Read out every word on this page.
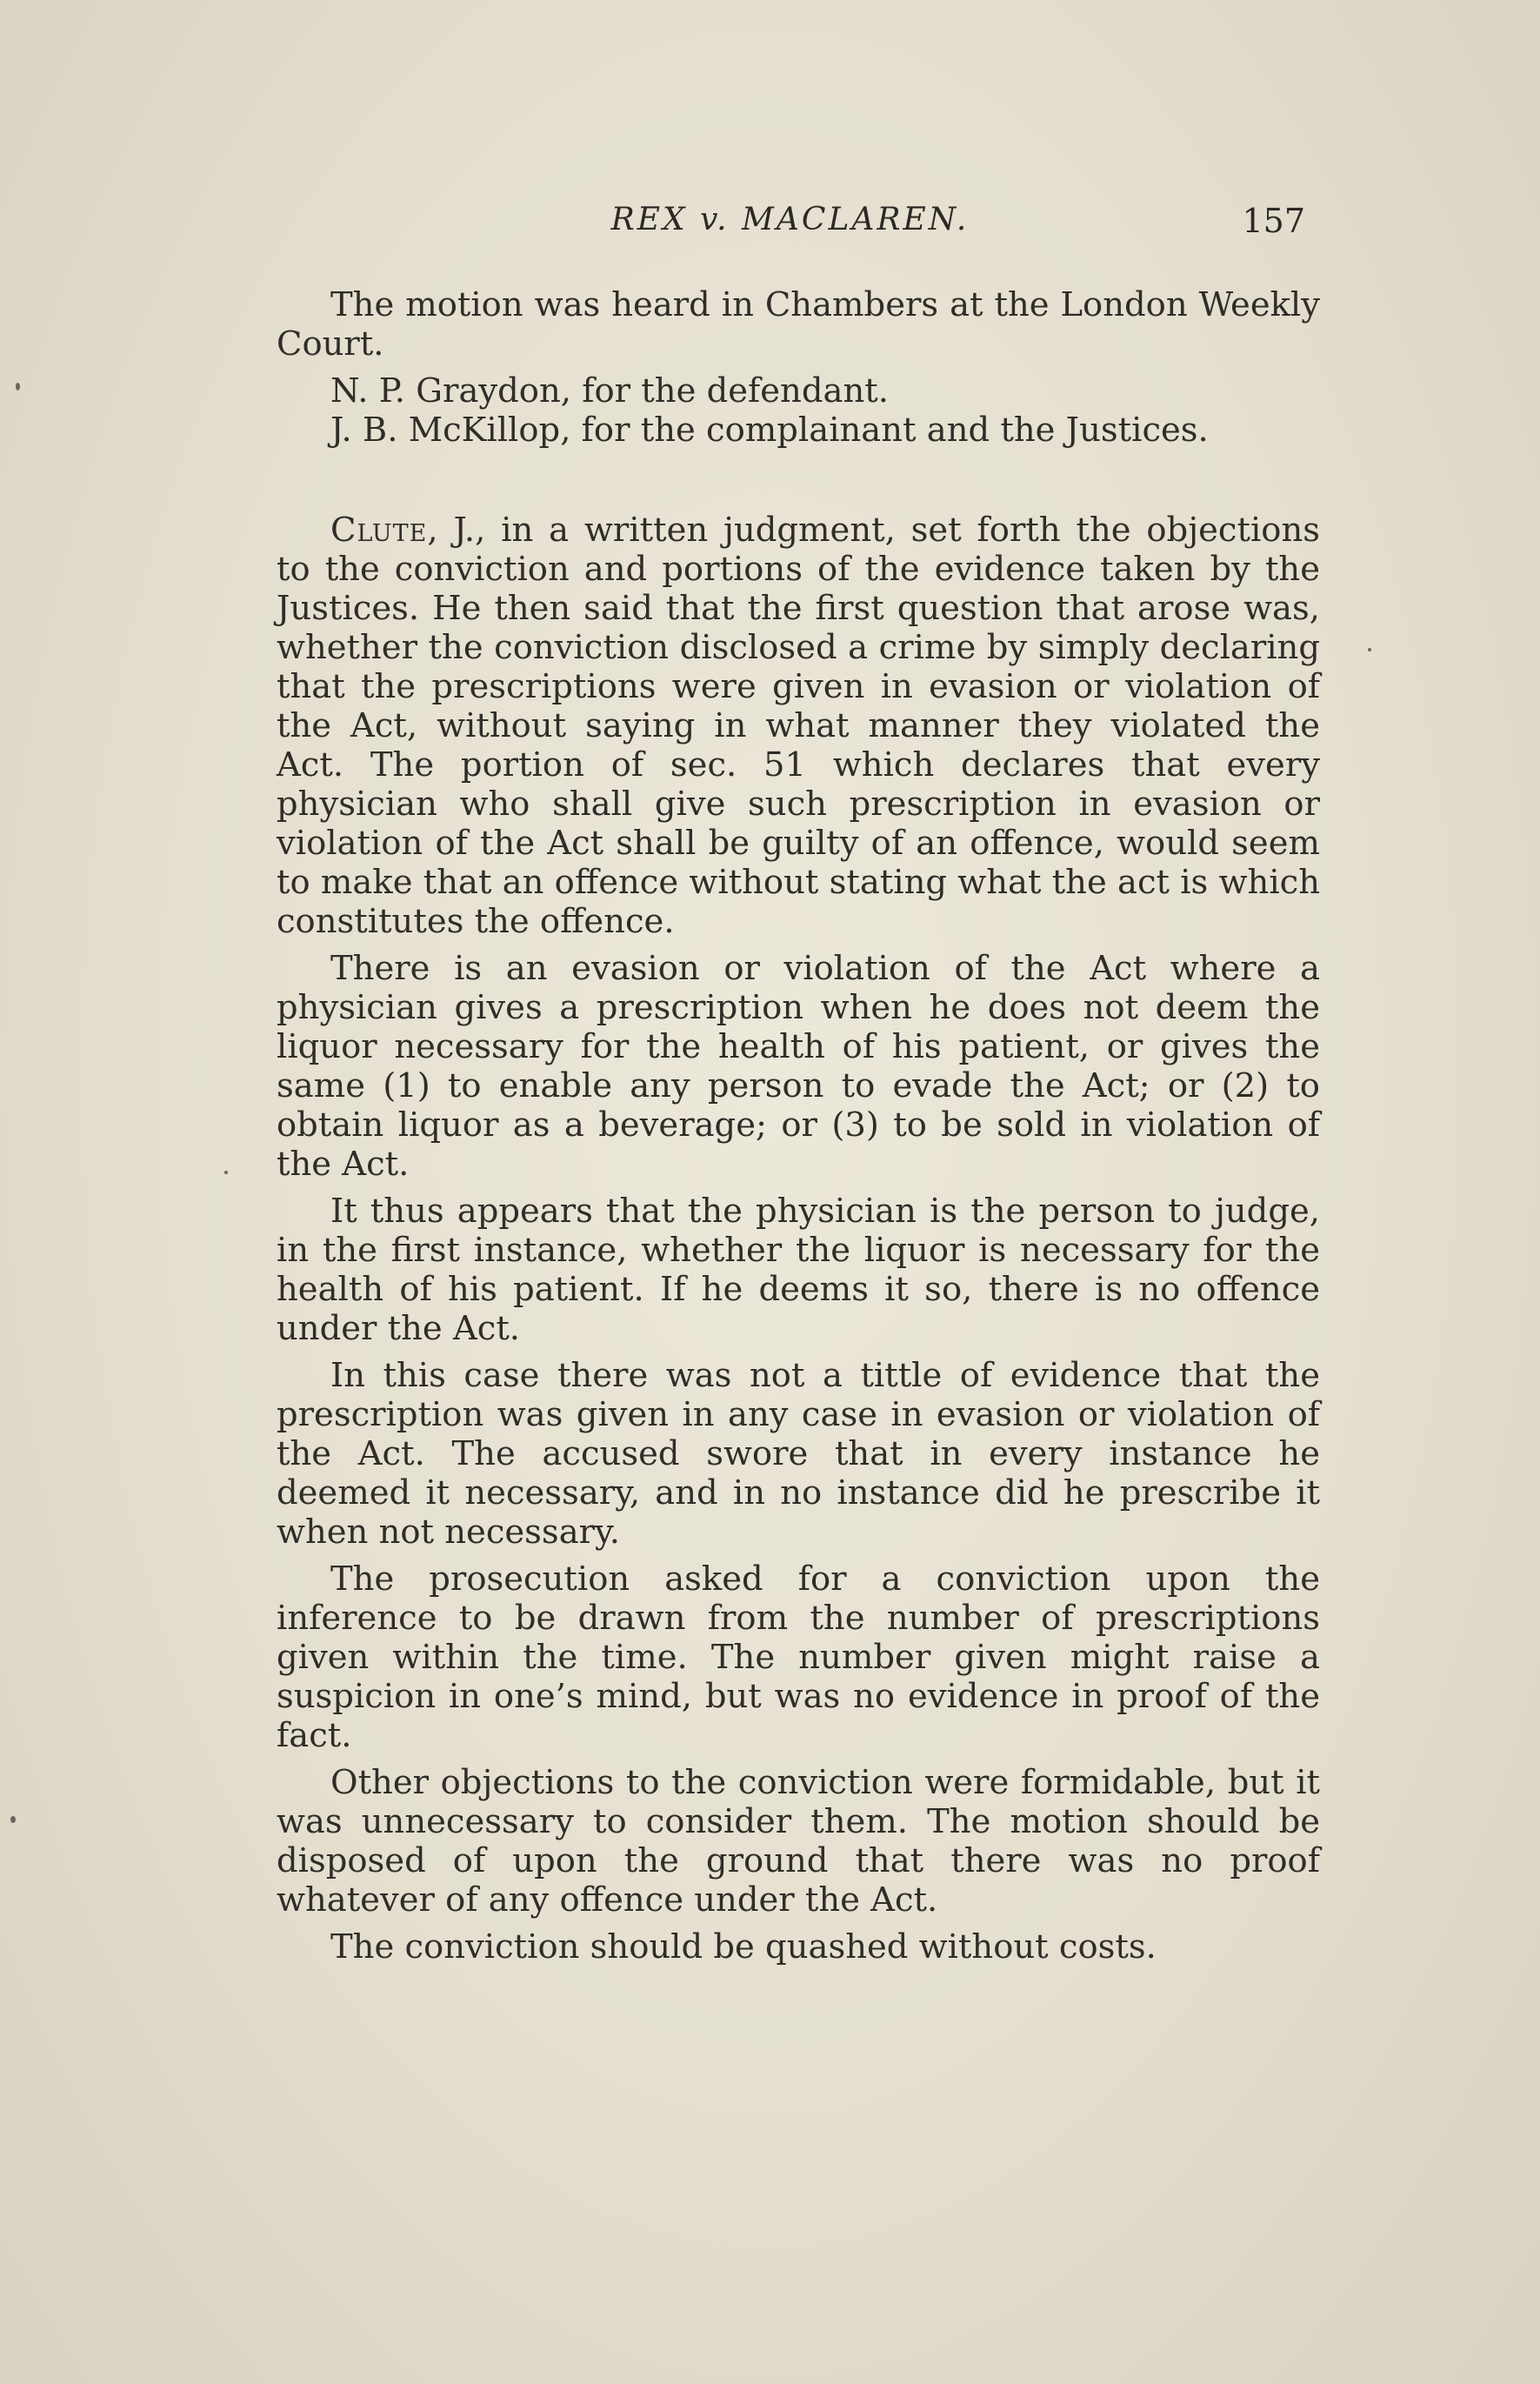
REX v. MACLAREN.	157

The motion was heard in Chambers at the London Weekly Court.

N. P. Graydon, for the defendant.

J. B. McKillop, for the complainant and the Justices.

Clute, J., in a written judgment, set forth the objections to the conviction and portions of the evidence taken by the Justices. He then said that the first question that arose was, whether the conviction disclosed a crime by simply declaring that the prescriptions were given in evasion or violation of the Act, without saying in what manner they violated the Act. The portion of sec. 51 which declares that every physician who shall give such prescription in evasion or violation of the Act shall be guilty of an offence, would seem to make that an offence without stating what the act is which constitutes the offence.

There is an evasion or violation of the Act where a physician gives a prescription when he does not deem the liquor necessary for the health of his patient, or gives the same (1) to enable any person to evade the Act; or (2) to obtain liquor as a beverage; or (3) to be sold in violation of the Act.

It thus appears that the physician is the person to judge, in the first instance, whether the liquor is necessary for the health of his patient. If he deems it so, there is no offence under the Act.

In this case there was not a tittle of evidence that the prescription was given in any case in evasion or violation of the Act. The accused swore that in every instance he deemed it necessary, and in no instance did he prescribe it when not necessary.

The prosecution asked for a conviction upon the inference to be drawn from the number of prescriptions given within the time. The number given might raise a suspicion in one’s mind, but was no evidence in proof of the fact.

Other objections to the conviction were formidable, but it was unnecessary to consider them. The motion should be disposed of upon the ground that there was no proof whatever of any offence under the Act.

The conviction should be quashed without costs.
